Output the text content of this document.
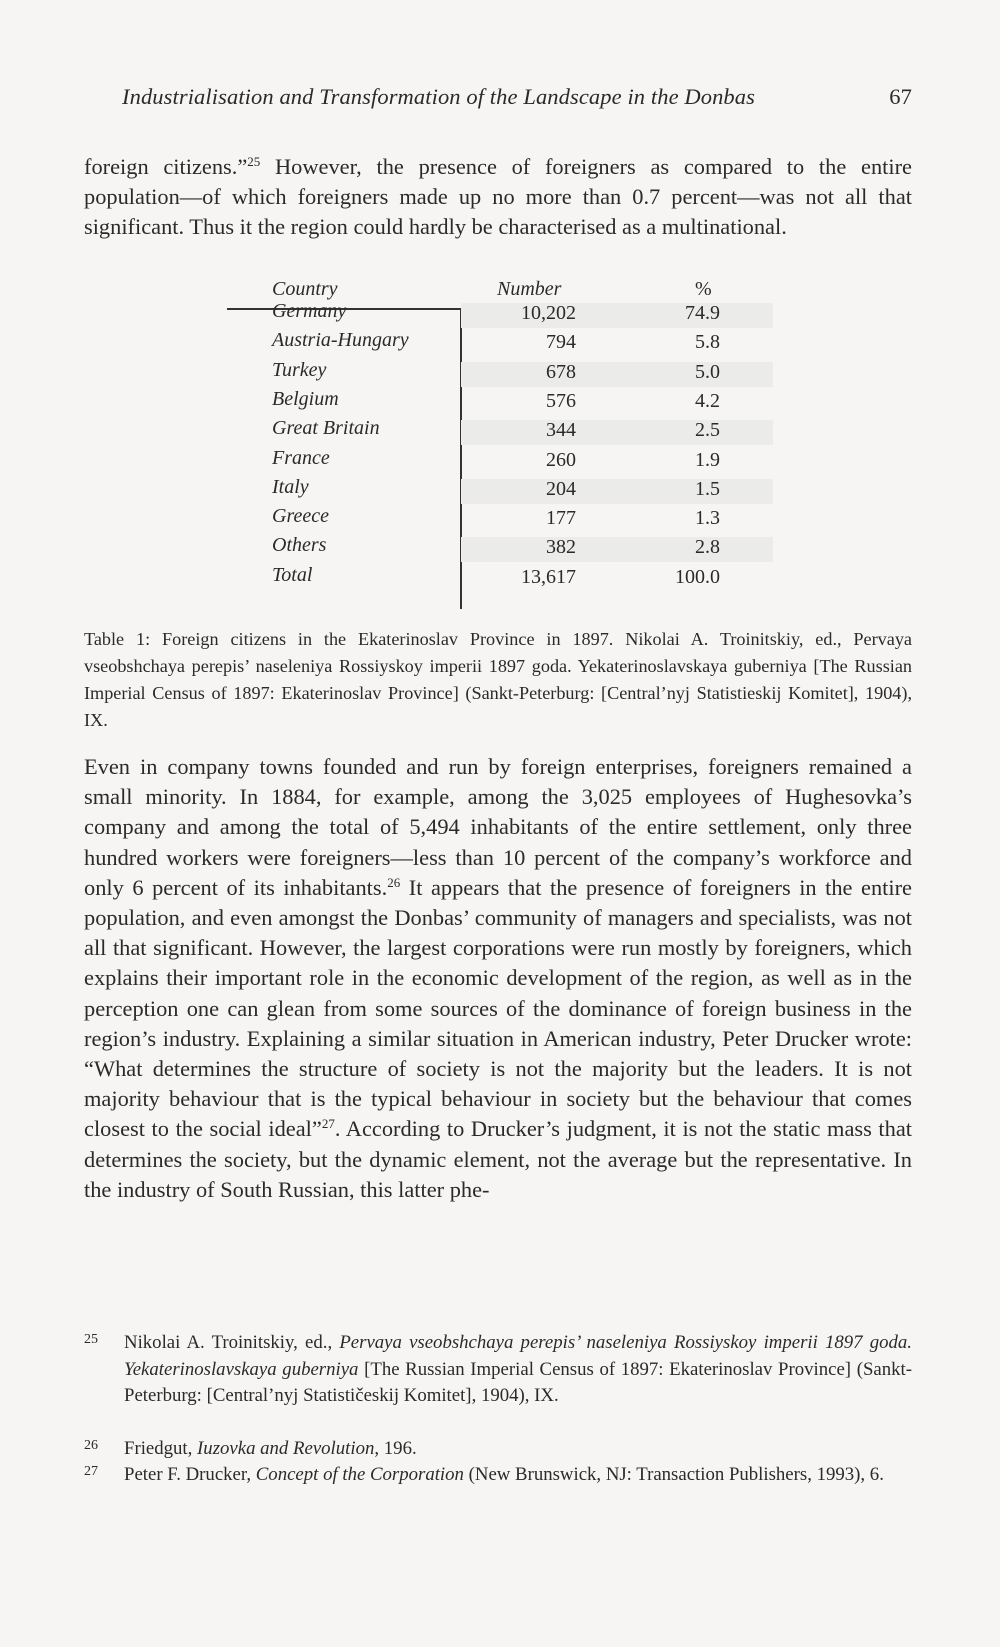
Industrialisation and Transformation of the Landscape in the Donbas	67

foreign citizens.”$^{25}$ However, the presence of foreigners as compared to the entire population—of which foreigners made up no more than 0.7 percent—was not all that significant. Thus it the region could hardly be characterised as a multinational.

Country	Number	%
Germany	10,202	74.9
Austria-Hungary	794	5.8
Turkey	678	5.0
Belgium	576	4.2
Great Britain	344	2.5
France	260	1.9
Italy	204	1.5
Greece	177	1.3
Others	382	2.8
Total	13,617	100.0

Table 1: Foreign citizens in the Ekaterinoslav Province in 1897. Nikolai A. Troinitskiy, ed., Pervaya vseobshchaya perepis’ naseleniya Rossiyskoy imperii 1897 goda. Yekaterinoslavskaya guberniya [The Russian Imperial Census of 1897: Ekaterinoslav Province] (Sankt-Peterburg: [Central’nyj Statistieskij Komitet], 1904), IX.

Even in company towns founded and run by foreign enterprises, foreigners remained a small minority. In 1884, for example, among the 3,025 employees of Hughesovka’s company and among the total of 5,494 inhabitants of the entire settlement, only three hundred workers were foreigners—less than 10 percent of the company’s workforce and only 6 percent of its inhabitants.$^{26}$ It appears that the presence of foreigners in the entire population, and even amongst the Donbas’ community of managers and specialists, was not all that significant. However, the largest corporations were run mostly by foreigners, which explains their important role in the economic development of the region, as well as in the perception one can glean from some sources of the dominance of foreign business in the region’s industry. Explaining a similar situation in American industry, Peter Drucker wrote: “What determines the structure of society is not the majority but the leaders. It is not majority behaviour that is the typical behaviour in society but the behaviour that comes closest to the social ideal”$^{27}$. According to Drucker’s judgment, it is not the static mass that determines the society, but the dynamic element, not the average but the representative. In the industry of South Russian, this latter phe-

25 Nikolai A. Troinitskiy, ed., Pervaya vseobshchaya perepis’ naseleniya Rossiyskoy imperii 1897 goda. Yekaterinoslavskaya guberniya [The Russian Imperial Census of 1897: Ekaterinoslav Province] (Sankt-Peterburg: [Central’nyj Statističeskij Komitet], 1904), IX.
26 Friedgut, Iuzovka and Revolution, 196.
27 Peter F. Drucker, Concept of the Corporation (New Brunswick, NJ: Transaction Publishers, 1993), 6.
